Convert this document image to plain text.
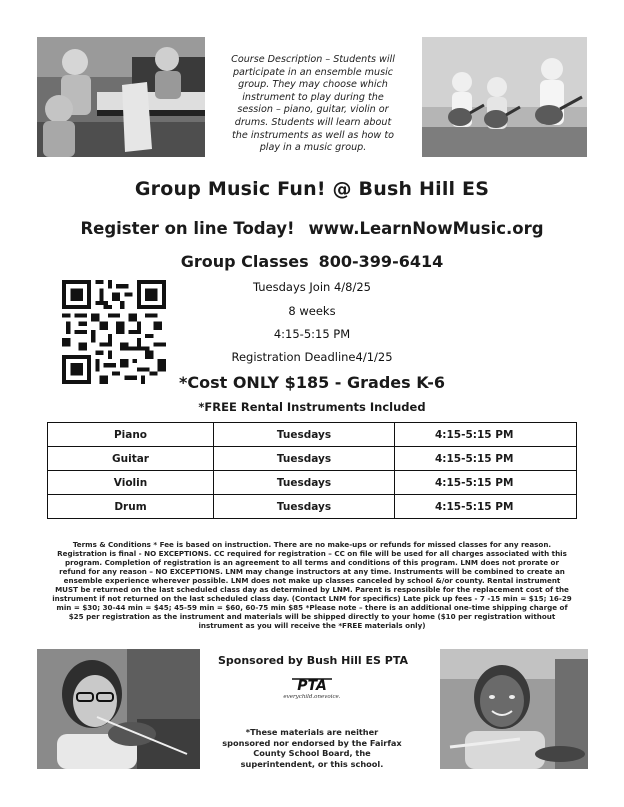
Course Description – Students will participate in an ensemble music group. They may choose which instrument to play during the session – piano, guitar, violin or drums. Students will learn about the instruments as well as how to play in a music group.
Group Music Fun! @ Bush Hill ES
Register on line Today! www.LearnNowMusic.org
Group Classes 800-399-6414
Tuesdays Join 4/8/25
8 weeks
4:15-5:15 PM
Registration Deadline4/1/25
*Cost ONLY $185 - Grades K-6
*FREE Rental Instruments Included
Piano	Tuesdays	4:15-5:15 PM
Guitar	Tuesdays	4:15-5:15 PM
Violin	Tuesdays	4:15-5:15 PM
Drum	Tuesdays	4:15-5:15 PM
Terms & Conditions * Fee is based on instruction. There are no make-ups or refunds for missed classes for any reason. Registration is final - NO EXCEPTIONS. CC required for registration – CC on file will be used for all charges associated with this program. Completion of registration is an agreement to all terms and conditions of this program. LNM does not prorate or refund for any reason – NO EXCEPTIONS. LNM may change instructors at any time. Instruments will be combined to create an ensemble experience wherever possible. LNM does not make up classes canceled by school &/or county. Rental instrument MUST be returned on the last scheduled class day as determined by LNM. Parent is responsible for the replacement cost of the instrument if not returned on the last scheduled class day. (Contact LNM for specifics) Late pick up fees - 7 -15 min = $15; 16-29 min = $30; 30-44 min = $45; 45-59 min = $60, 60-75 min $85 *Please note – there is an additional one-time shipping charge of $25 per registration as the instrument and materials will be shipped directly to your home ($10 per registration without instrument as you will receive the *FREE materials only)
Sponsored by Bush Hill ES PTA
PTA
everychild.onevoice.
*These materials are neither sponsored nor endorsed by the Fairfax County School Board, the superintendent, or this school.
